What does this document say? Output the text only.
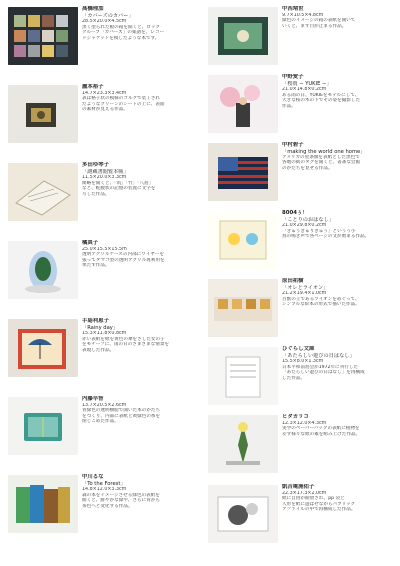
高橋理加
「カバーズのカバー」
28.5×20.0×4.5cm
黒く塗られた板の箱を開くと、ロック
グループ「カバーズ」の楽譜を、レコー
ドジャケットを模したような本です。
瀧本裕子
14.7×23.3×3.4cm
表は格子状の模様のコルクで装丁され
たようなグリーンのシートの上に、表面
の素材が見える作品。
多田ゆ琴子
「謎蔵書閲覧本帳」
11.5×20.0×3.3cm
簡略を開くと、「筑」「竹」「八島」
など、蛇腹状の記憶の装置に文字を
写した作品。
橘真子
25.0×15.5×15.5m
透明アクリルケースの内部にワイヤーを
張ってタマゴ型の透明アクリル再利用を
果たす作品。
手島利恵子
「Rainy day」
15.3×11.8×0.8cm
赤い表紙を紙を黄色の傘をさした女の子
をモチーフに、雨の日のさまざまな情景を
表現した作品。
内藤早智
13.7×20.5×2.6cm
青緑色の透明樹脂で開いた本のかたち
をつくり、内部に表紙と黄緑色の糸を
閉じこめた作品。
中川るな
「To the Forest」
14.8×12.0×3.3cm
森の本をイメージさせる緑色の表紙を
開くと、鮮やかな緑や、さらに青から
茶色へと変化する作品。
中西靖世
9.7×10.5×4.8cm
緑色のイメージの箱の表紙を開いて
いくと、まず目が止まる作品。
中野愛子
「桜雨 − YUKIE −」
21.0×14.8×0.2cm
ある雨の日、YUKIEをモデルにして、
大きな桜の木の下でその姿を撮影した
作品。
中村碧子
「making the world one home」
アメリカの星条旗を表紙とした黒色で
各地の街のタグを開くと、書斎な会館
のかたちを見せる作品。
8004ぅ！
「ことりのおはなし」
21.0×29.8×0.2cm
「きゅうきゅりきゅう」というう小
鳥の鳴き声で各ページの文が始まる作品。
原田祐樹
「オレとライオン」
21.2×19.4×1.0cm
百獣の王であるライオンをめぐって、
シンプルな絵本の形式で描いた作品。
ひぐらし文庫
「あたらしい遊びの日はなし」
15.5×8.0×1.3cm
日本平和前島会が1972年に刊行した
「あたらしい遊びの日はなし」を再構成
した作品。
ヒダカリコ
12.3×12.0×4.3cm
実学のペーパーバックの表紙に植物を
差す様々な紙の素を組み上げた作品。
凱吉庵施佑子
22.3×17.3×2.0cm
紙に自由が開放され、pp 袋と
人形を紙に遊ばせながらパブリック
アファイルの中で再構成した作品。
